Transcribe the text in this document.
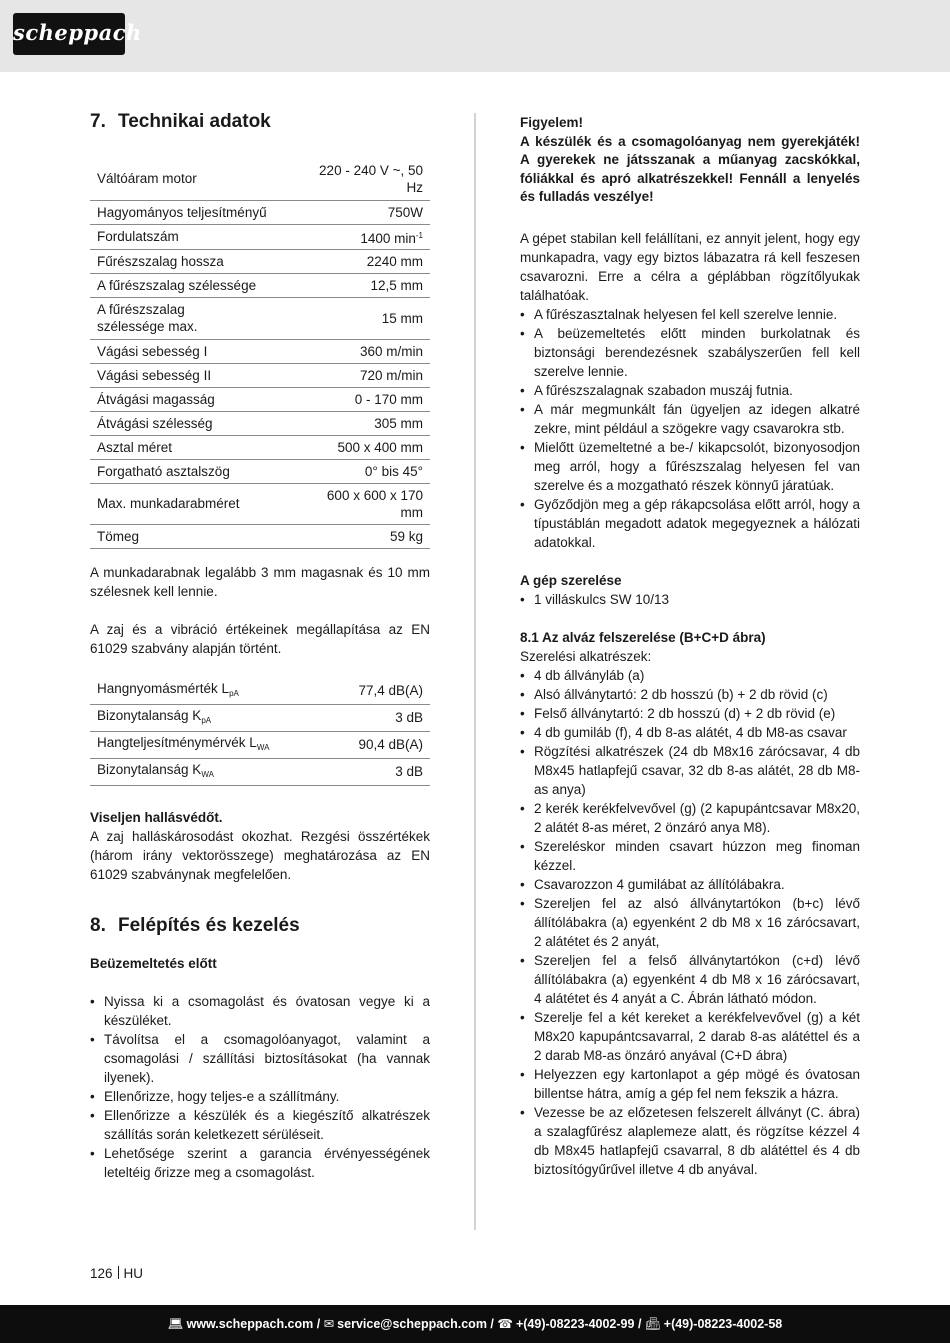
scheppach
7. Technikai adatok
Váltóáram motor	220 - 240 V ~, 50 Hz
Hagyományos teljesítményű	750W
Fordulatszám	1400 $\min^{-1}$
Fűrészszalag hossza	2240 mm
A fűrészszalag szélessége	12,5 mm
A fűrészszalag szélessége max.	15 mm
Vágási sebesség I	360 m/min
Vágási sebesség II	720 m/min
Átvágási magasság	0 - 170 mm
Átvágási szélesség	305 mm
Asztal méret	500 x 400 mm
Forgatható asztalszög	0° bis 45°
Max. munkadarabméret	600 x 600 x 170 mm
Tömeg	59 kg

A munkadarabnak legalább 3 mm magasnak és 10 mm szélesnek kell lennie.

A zaj és a vibráció értékeinek megállapítása az EN 61029 szabvány alapján történt.

Hangnyomásmérték $L_{pA}$	77,4 dB(A)
Bizonytalanság $K_{pA}$	3 dB
Hangteljesítménymérvék $L_{WA}$	90,4 dB(A)
Bizonytalanság $K_{WA}$	3 dB

Viseljen hallásvédőt.

A zaj halláskárosodást okozhat. Rezgési összértékek (három irány vektorösszege) meghatározása az EN 61029 szabványnak megfelelően.

8. Felépítés és kezelés

Beüzemeltetés előtt

• Nyissa ki a csomagolást és óvatosan vegye ki a készüléket.
• Távolítsa el a csomagolóanyagot, valamint a csomagolási / szállítási biztosításokat (ha vannak ilyenek).
• Ellenőrizze, hogy teljes-e a szállítmány.
• Ellenőrizze a készülék és a kiegészítő alkatrészek szállítás során keletkezett sérüléseit.
• Lehetősége szerint a garancia érvényességének leteltéig őrizze meg a csomagolást.

Figyelem!

A készülék és a csomagolóanyag nem gyerekjáték! A gyerekek ne játsszanak a műanyag zacskókkal, fóliákkal és apró alkatrészekkel! Fennáll a lenyelés és fulladás veszélye!

A gépet stabilan kell felállítani, ez annyit jelent, hogy egy munkapadra, vagy egy biztos lábazatra rá kell feszesen csavarozni. Erre a célra a géplábban rögzítőlyukak találhatóak.

• A fűrészasztalnak helyesen fel kell szerelve lennie.
• A beüzemeltetés előtt minden burkolatnak és biztonsági berendezésnek szabályszerűen fell kell szerelve lennie.
• A fűrészszalagnak szabadon muszáj futnia.
• A már megmunkált fán ügyeljen az idegen alkatré zekre, mint például a szögekre vagy csavarokra stb.
• Mielőtt üzemeltetné a be-/ kikapcsolót, bizonyosodjon meg arról, hogy a fűrészszalag helyesen fel van szerelve és a mozgatható részek könnyű járatúak.
• Győződjön meg a gép rákapcsolása előtt arról, hogy a típustáblán megadott adatok megegyeznek a hálózati adatokkal.

A gép szerelése

• 1 villáskulcs SW 10/13

8.1 Az alváz felszerelése (B+C+D ábra)

Szerelési alkatrészek:

• 4 db állványláb (a)
• Alsó állványtartó: 2 db hosszú (b) + 2 db rövid (c)
• Felső állványtartó: 2 db hosszú (d) + 2 db rövid (e)
• 4 db gumiláb (f), 4 db 8-as alátét, 4 db M8-as csavar
• Rögzítési alkatrészek (24 db M8x16 zárócsavar, 4 db M8x45 hatlapfejű csavar, 32 db 8-as alátét, 28 db M8-as anya)
• 2 kerék kerékfelvevővel (g) (2 kapupántcsavar M8x20, 2 alátét 8-as méret, 2 önzáró anya M8).
• Szereléskor minden csavart húzzon meg finoman kézzel.
• Csavarozzon 4 gumilábat az állítólábakra.
• Szereljen fel az alsó állványtartókon (b+c) lévő állítólábakra (a) egyenként 2 db M8 x 16 zárócsavart, 2 alátétet és 2 anyát,
• Szereljen fel a felső állványtartókon (c+d) lévő állítólábakra (a) egyenként 4 db M8 x 16 zárócsavart, 4 alátétet és 4 anyát a C. Ábrán látható módon.
• Szerelje fel a két kereket a kerékfelvevővel (g) a két M8x20 kapupántcsavarral, 2 darab 8-as alátéttel és a 2 darab M8-as önzáró anyával (C+D ábra)
• Helyezzen egy kartonlapot a gép mögé és óvatosan billentse hátra, amíg a gép fel nem fekszik a házra.
• Vezesse be az előzetesen felszerelt állványt (C. ábra) a szalagfűrész alaplemeze alatt, és rögzítse kézzel 4 db M8x45 hatlapfejű csavarral, 8 db alátéttel és 4 db biztosítógyűrűvel illetve 4 db anyával.
126 HU
💻︎ www.scheppach.com / ✉︎ service@scheppach.com / ☎︎ +(49)-08223-4002-99 / 📠︎ +(49)-08223-4002-58
